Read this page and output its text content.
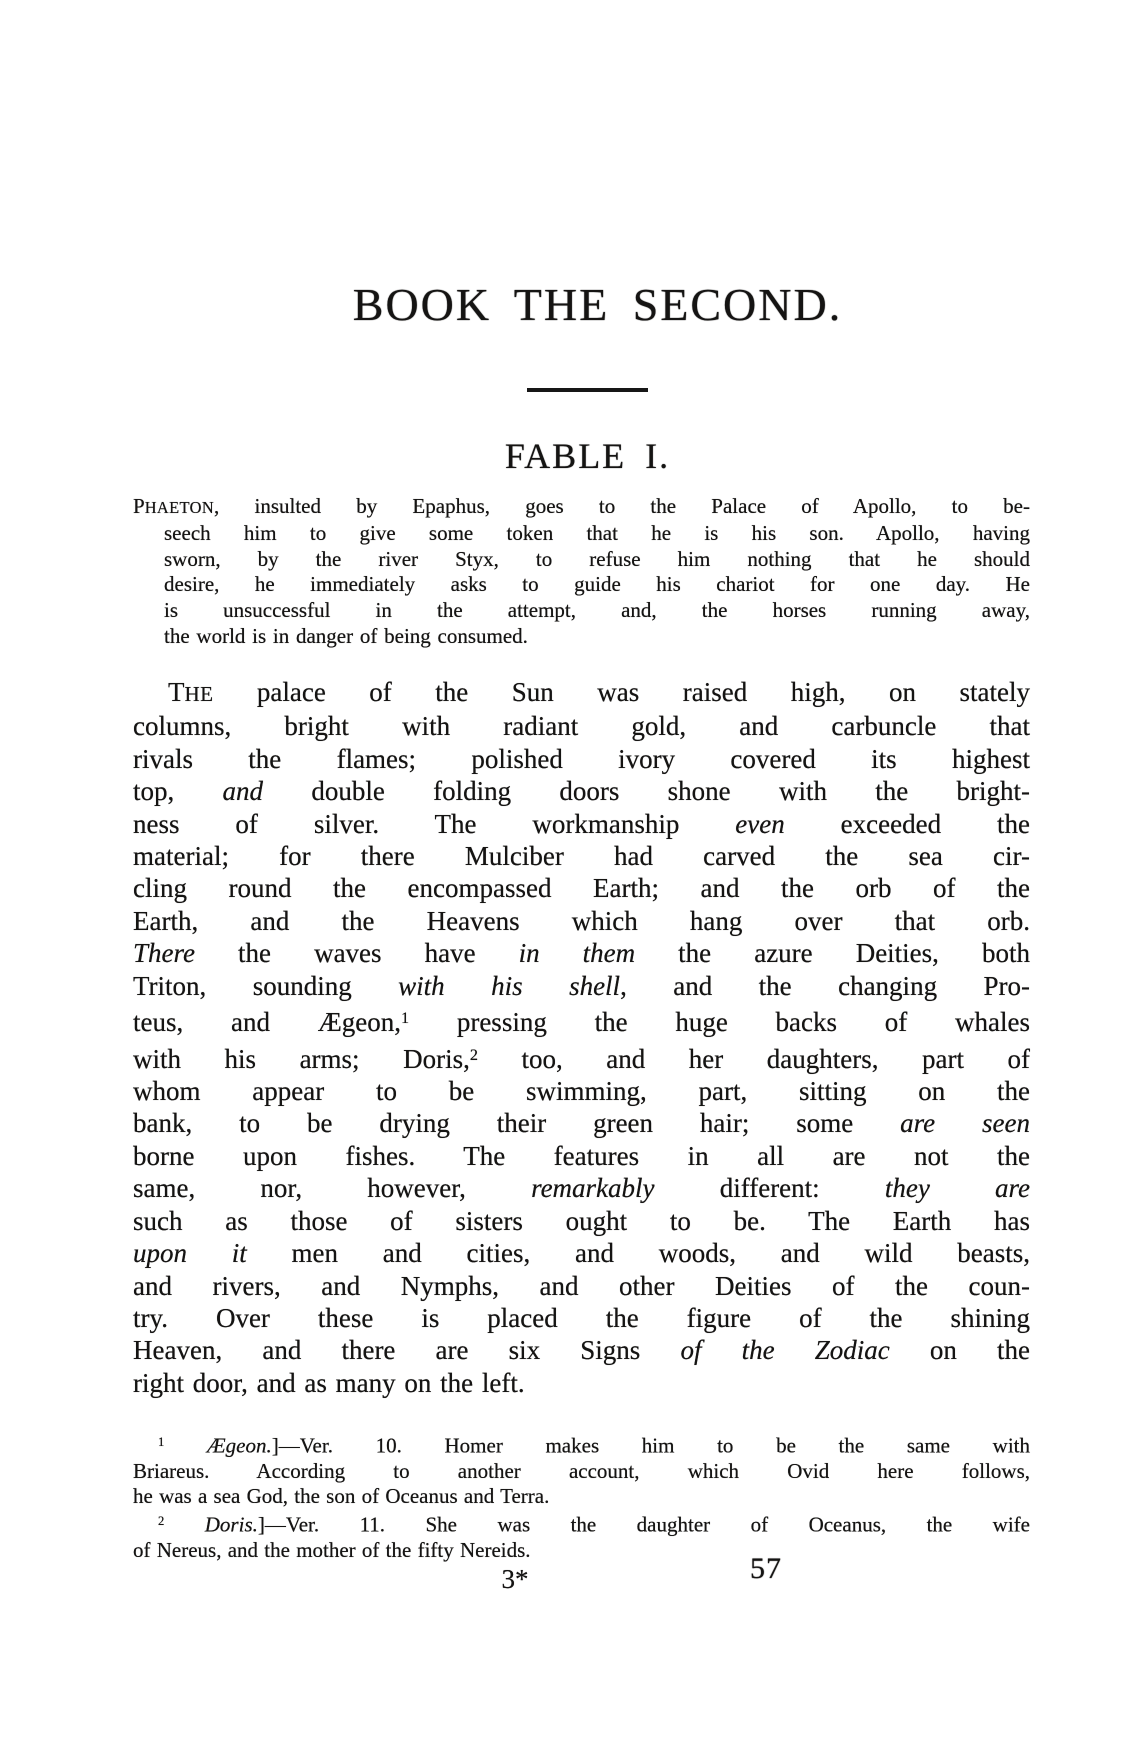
BOOK THE SECOND.
FABLE I.
PHAETON, insulted by Epaphus, goes to the Palace of Apollo, to be-
seech him to give some token that he is his son. Apollo, having
sworn, by the river Styx, to refuse him nothing that he should
desire, he immediately asks to guide his chariot for one day. He
is unsuccessful in the attempt, and, the horses running away,
the world is in danger of being consumed.
THE palace of the Sun was raised high, on stately
columns, bright with radiant gold, and carbuncle that
rivals the flames; polished ivory covered its highest
top, and double folding doors shone with the bright-
ness of silver. The workmanship even exceeded the
material; for there Mulciber had carved the sea cir-
cling round the encompassed Earth; and the orb of the
Earth, and the Heavens which hang over that orb.
There the waves have in them the azure Deities, both
Triton, sounding with his shell, and the changing Pro-
teus, and Ægeon,$^1$ pressing the huge backs of whales
with his arms; Doris,$^2$ too, and her daughters, part of
whom appear to be swimming, part, sitting on the
bank, to be drying their green hair; some are seen
borne upon fishes. The features in all are not the
same, nor, however, remarkably different: they are
such as those of sisters ought to be. The Earth has
upon it men and cities, and woods, and wild beasts,
and rivers, and Nymphs, and other Deities of the coun-
try. Over these is placed the figure of the shining
Heaven, and there are six Signs of the Zodiac on the
right door, and as many on the left.
$^1$ Ægeon.]—Ver. 10. Homer makes him to be the same with
Briareus. According to another account, which Ovid here follows,
he was a sea God, the son of Oceanus and Terra.
$^2$ Doris.]—Ver. 11. She was the daughter of Oceanus, the wife
of Nereus, and the mother of the fifty Nereids.
3*	57
